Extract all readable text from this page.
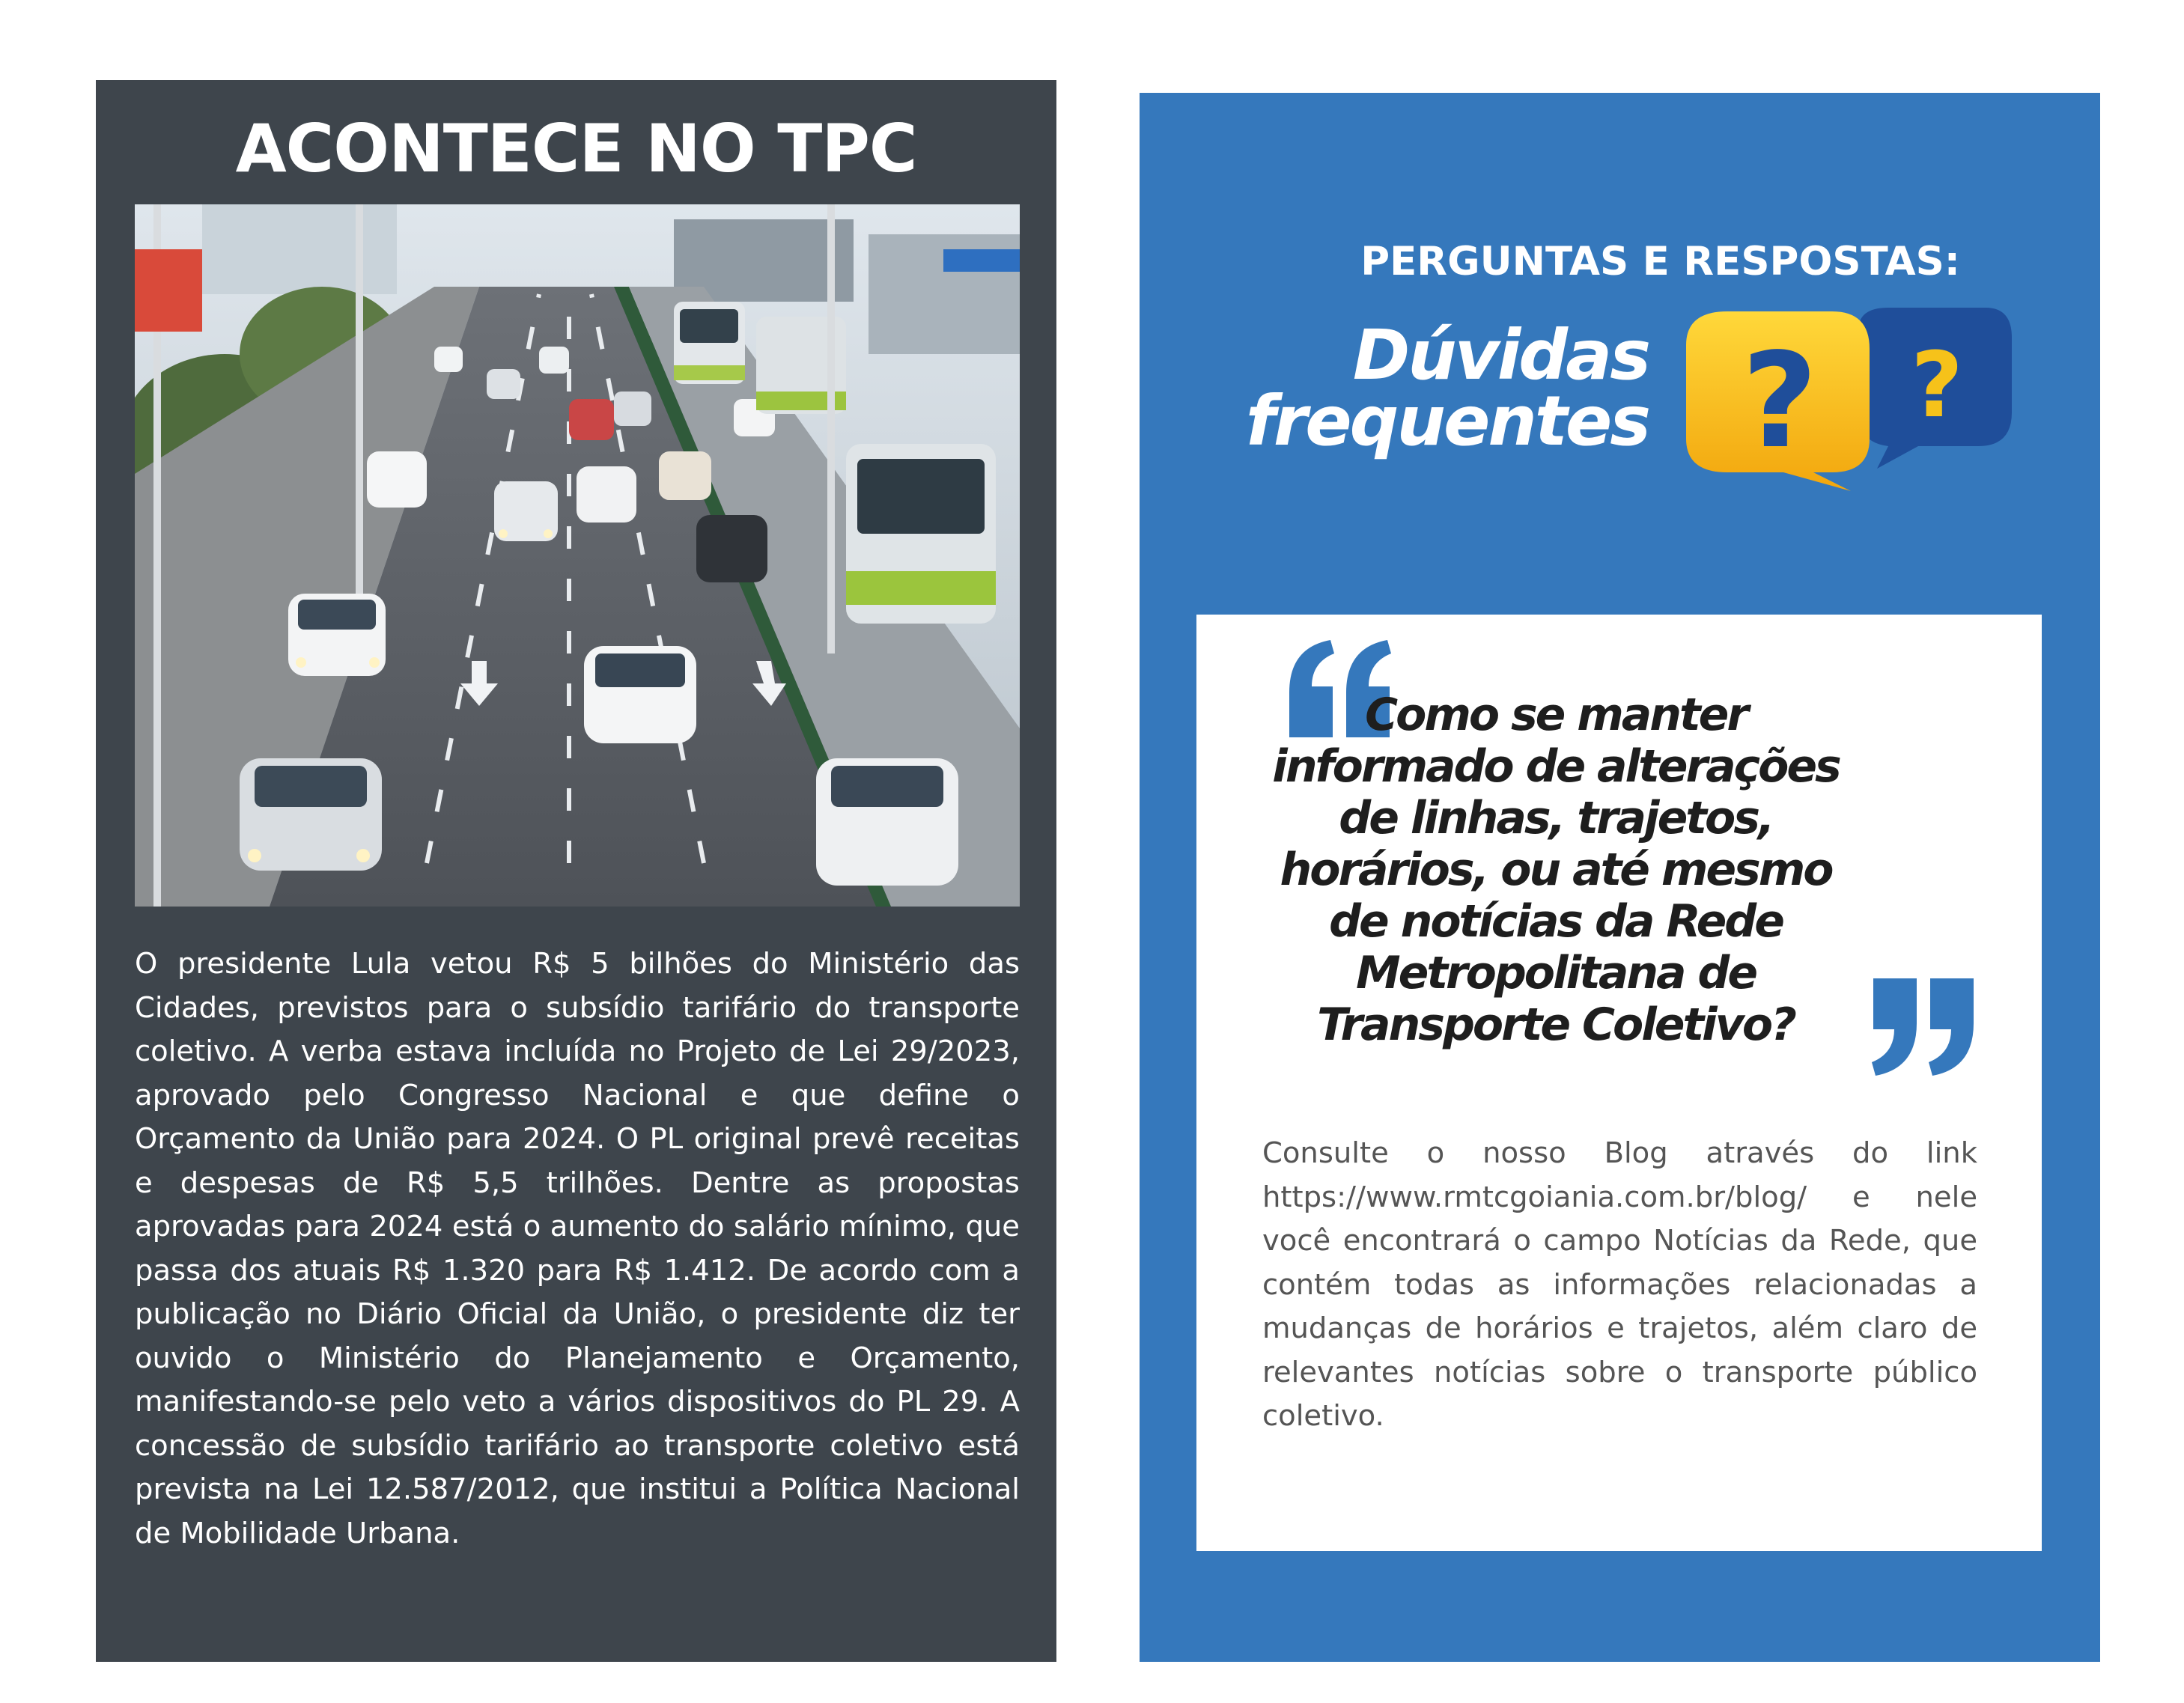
ACONTECE NO TPC

O presidente Lula vetou R$ 5 bilhões do Ministério das Cidades, previstos para o subsídio tarifário do transporte coletivo. A verba estava incluída no Projeto de Lei 29/2023, aprovado pelo Congresso Nacional e que define o Orçamento da União para 2024. O PL original prevê receitas e despesas de R$ 5,5 trilhões. Dentre as propostas aprovadas para 2024 está o aumento do salário mínimo, que passa dos atuais R$ 1.320 para R$ 1.412. De acordo com a publicação no Diário Oficial da União, o presidente diz ter ouvido o Ministério do Planejamento e Orçamento, manifestando-se pelo veto a vários dispositivos do PL 29. A concessão de subsídio tarifário ao transporte coletivo está prevista na Lei 12.587/2012, que institui a Política Nacional de Mobilidade Urbana.

PERGUNTAS E RESPOSTAS:
Dúvidas
frequentes	?
?

Como se manter informado de alterações de linhas, trajetos, horários, ou até mesmo de notícias da Rede Metropolitana de Transporte Coletivo?

Consulte o nosso Blog através do link https://www.rmtcgoiania.com.br/blog/ e nele você encontrará o campo Notícias da Rede, que contém todas as informações relacionadas a mudanças de horários e trajetos, além claro de relevantes notícias sobre o transporte público coletivo.
